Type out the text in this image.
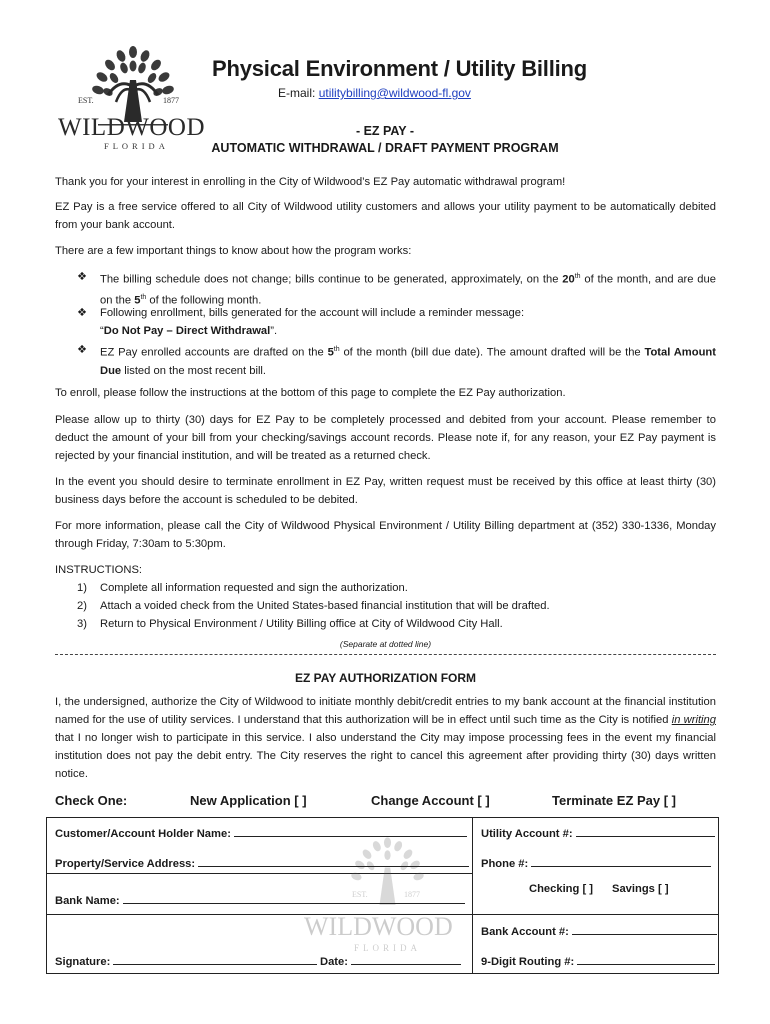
EST.	1877
WILDWOOD
FLORIDA
Physical Environment / Utility Billing
E-mail: utilitybilling@wildwood-fl.gov
- EZ PAY -
AUTOMATIC WITHDRAWAL / DRAFT PAYMENT PROGRAM

Thank you for your interest in enrolling in the City of Wildwood’s EZ Pay automatic withdrawal program!

EZ Pay is a free service offered to all City of Wildwood utility customers and allows your utility payment to be automatically debited from your bank account.

There are a few important things to know about how the program works:

❖ The billing schedule does not change; bills continue to be generated, approximately, on the 20th of the month, and are due on the 5th of the following month.

❖ Following enrollment, bills generated for the account will include a reminder message:
“Do Not Pay – Direct Withdrawal”.

❖ EZ Pay enrolled accounts are drafted on the 5th of the month (bill due date). The amount drafted will be the Total Amount Due listed on the most recent bill.

To enroll, please follow the instructions at the bottom of this page to complete the EZ Pay authorization.

Please allow up to thirty (30) days for EZ Pay to be completely processed and debited from your account. Please remember to deduct the amount of your bill from your checking/savings account records. Please note if, for any reason, your EZ Pay payment is rejected by your financial institution, and will be treated as a returned check.

In the event you should desire to terminate enrollment in EZ Pay, written request must be received by this office at least thirty (30) business days before the account is scheduled to be debited.

For more information, please call the City of Wildwood Physical Environment / Utility Billing department at (352) 330-1336, Monday through Friday, 7:30am to 5:30pm.

INSTRUCTIONS:
1) Complete all information requested and sign the authorization.
2) Attach a voided check from the United States-based financial institution that will be drafted.
3) Return to Physical Environment / Utility Billing office at City of Wildwood City Hall.
(Separate at dotted line)
EZ PAY AUTHORIZATION FORM

I, the undersigned, authorize the City of Wildwood to initiate monthly debit/credit entries to my bank account at the financial institution named for the use of utility services. I understand that this authorization will be in effect until such time as the City is notified in writing that I no longer wish to participate in this service. I also understand the City may impose processing fees in the event my financial institution does not pay the debit entry. The City reserves the right to cancel this agreement after providing thirty (30) days written notice.

Check One:	New Application [ ]	Change Account [ ]	Terminate EZ Pay [ ]
EST.	1877
WILDWOOD
FLORIDA
Customer/Account Holder Name:
Property/Service Address:
Bank Name:
Signature:	Date:
Utility Account #:
Phone #:
Checking [ ] Savings [ ]
Bank Account #:
9-Digit Routing #:
